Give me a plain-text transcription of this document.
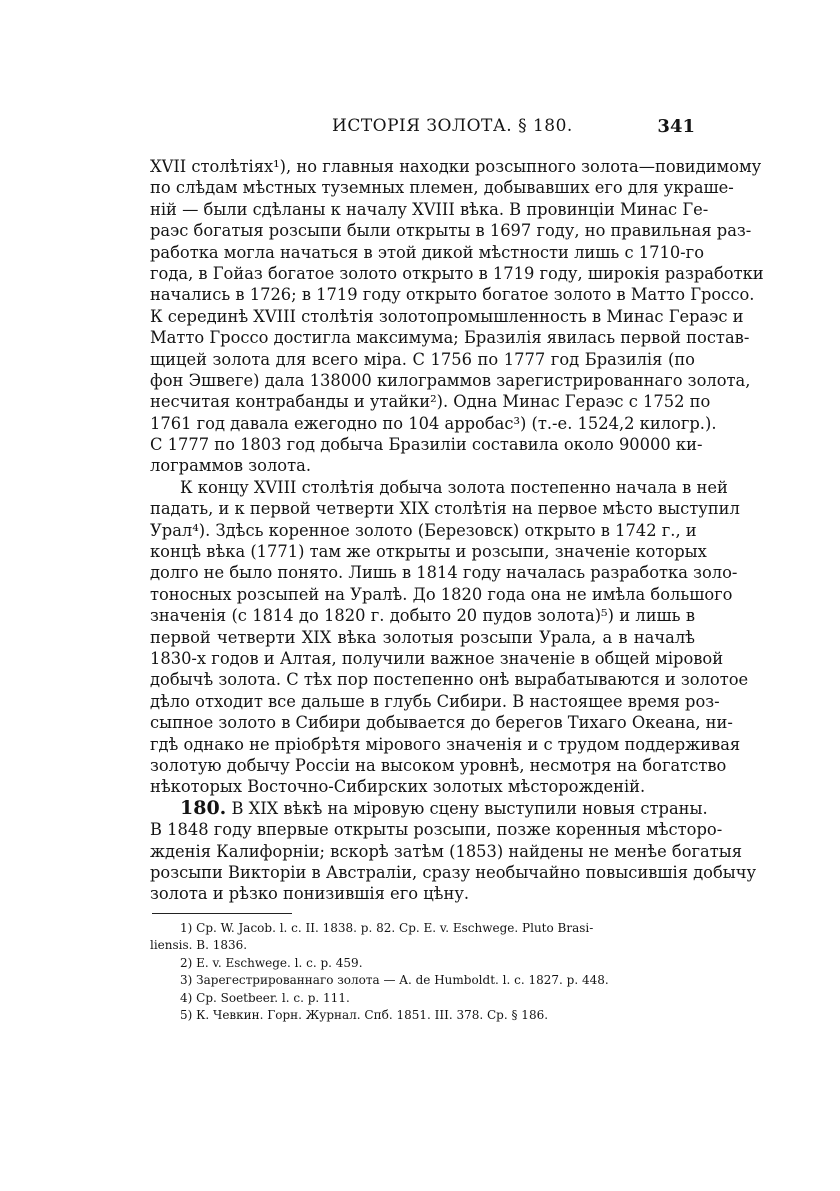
ИСТОРІЯ ЗОЛОТА. § 180.	341
XVII столѣтіях¹), но главныя находки розсыпного золота—повидимому
по слѣдам мѣстных туземных племен, добывавших его для украше-
ній — были сдѣланы к началу XVIII вѣка. В провинціи Минас Ге-
раэс богатыя розсыпи были открыты в 1697 году, но правильная раз-
работка могла начаться в этой дикой мѣстности лишь с 1710-го
года, в Гойаз богатое золото открыто в 1719 году, широкія разработки
начались в 1726; в 1719 году открыто богатое золото в Матто Гроссо.
К серединѣ XVIII столѣтія золотопромышленность в Минас Гераэс и
Матто Гроссо достигла максимума; Бразилія явилась первой постав-
щицей золота для всего міра. С 1756 по 1777 год Бразилія (по
фон Эшвеге) дала 138000 килограммов зарегистрированнаго золота,
несчитая контрабанды и утайки²). Одна Минас Гераэс с 1752 по
1761 год давала ежегодно по 104 арробас³) (т.-е. 1524,2 килогр.).
С 1777 по 1803 год добыча Бразиліи составила около 90000 ки-
лограммов золота.
К концу XVIII столѣтія добыча золота постепенно начала в ней
падать, и к первой четверти XIX столѣтія на первое мѣсто выступил
Урал⁴). Здѣсь коренное золото (Березовск) открыто в 1742 г., и
концѣ вѣка (1771) там же открыты и розсыпи, значеніе которых
долго не было понято. Лишь в 1814 году началась разработка золо-
тоносных розсыпей на Уралѣ. До 1820 года она не имѣла большого
значенія (с 1814 до 1820 г. добыто 20 пудов золота)⁵) и лишь в
первой четверти XIX вѣка золотыя розсыпи Урала, а в началѣ
1830-х годов и Алтая, получили важное значеніе в общей міровой
добычѣ золота. С тѣх пор постепенно онѣ вырабатываются и золотое
дѣло отходит все дальше в глубь Сибири. В настоящее время роз-
сыпное золото в Сибири добывается до берегов Тихаго Океана, ни-
гдѣ однако не пріобрѣтя міровогo значенія и с трудом поддерживая
золотую добычу Россіи на высоком уровнѣ, несмотря на богатство
нѣкоторых Восточно-Сибирских золотых мѣсторожденій.
180. В XIX вѣкѣ на міровую сцену выступили новыя страны.
В 1848 году впервые открыты розсыпи, позже коренныя мѣсторо-
жденія Калифорніи; вскорѣ затѣм (1853) найдены не менѣе богатыя
розсыпи Викторіи в Австраліи, сразу необычайно повысившія добычу
золота и рѣзко понизившія его цѣну.
1) Cp. W. Jacob. l. c. II. 1838. p. 82. Cp. E. v. Eschwege. Pluto Brasi-
liensis. B. 1836.
2) E. v. Eschwege. l. c. p. 459.
3) Зарегестрированнаго золота — A. de Humboldt. l. c. 1827. p. 448.
4) Cp. Soetbeer. l. c. p. 111.
5) К. Чевкин. Горн. Журнал. Спб. 1851. III. 378. Cp. § 186.
